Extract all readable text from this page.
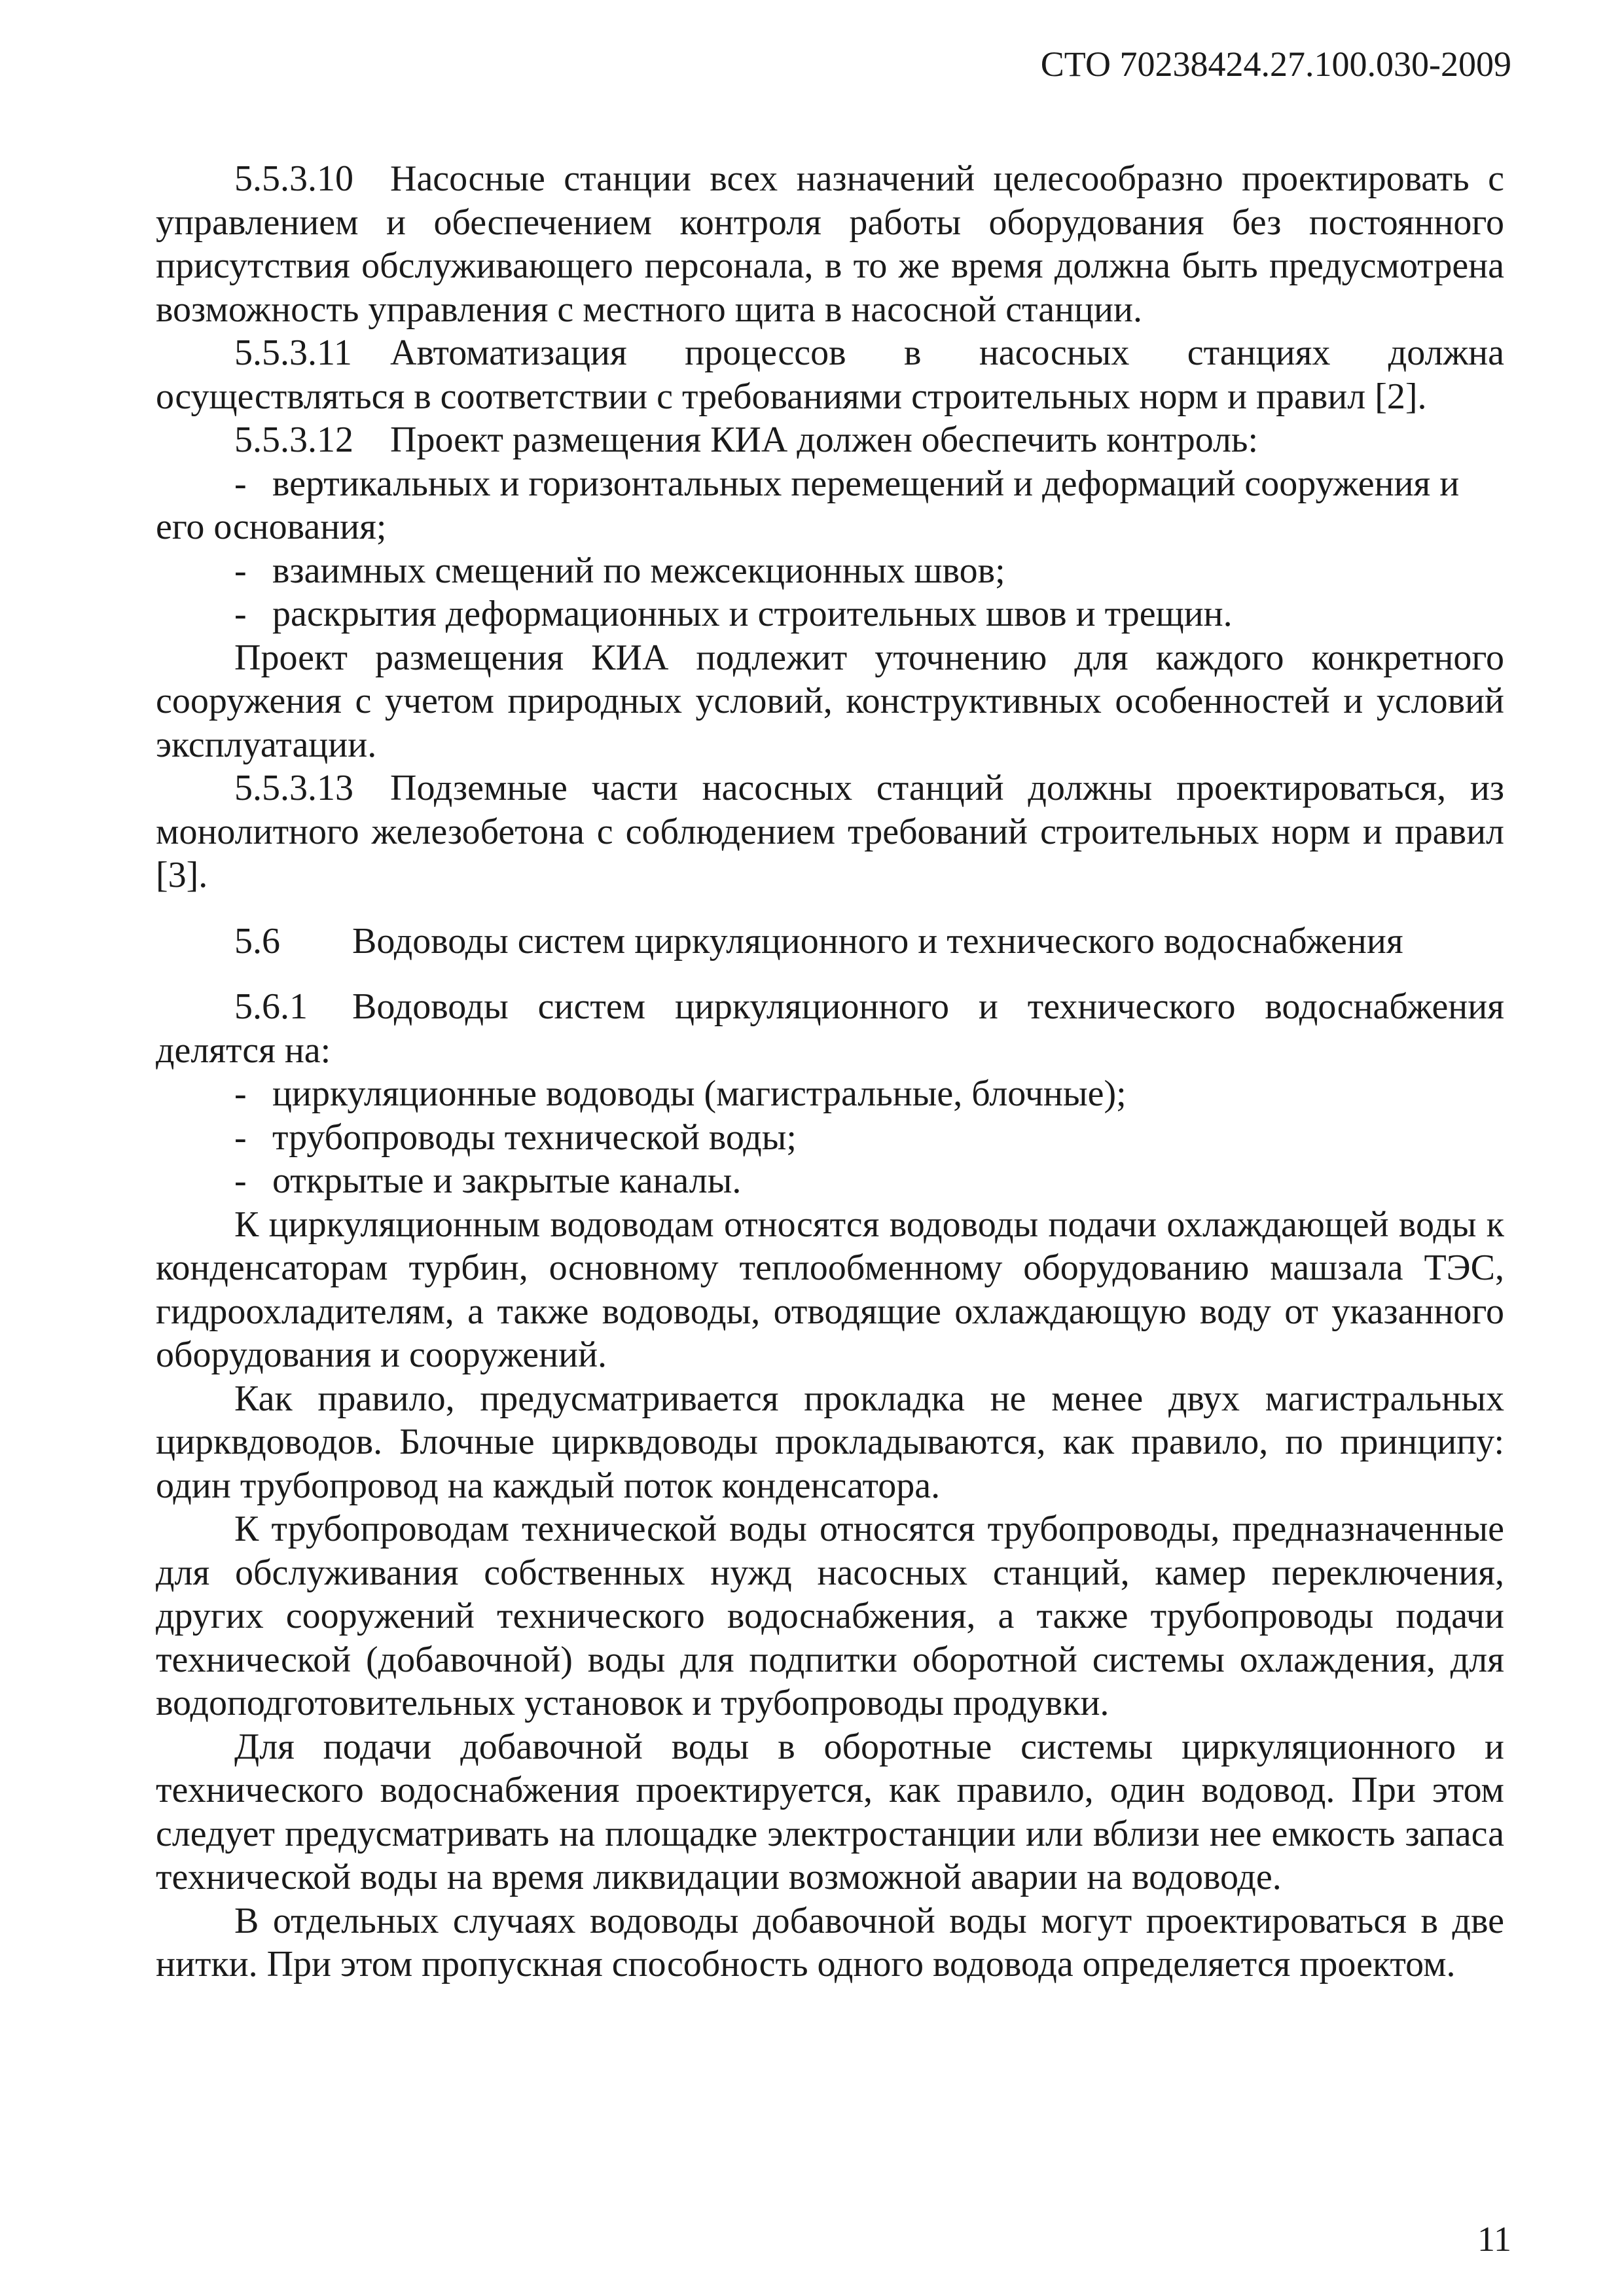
СТО 70238424.27.100.030-2009

5.5.3.10 Насосные станции всех назначений целесообразно проектировать с управлением и обеспечением контроля работы оборудования без постоянного присутствия обслуживающего персонала, в то же время должна быть предусмотрена возможность управления с местного щита в насосной станции.

5.5.3.11 Автоматизация процессов в насосных станциях должна осуществляться в соответствии с требованиями строительных норм и правил [2].

5.5.3.12 Проект размещения КИА должен обеспечить контроль:

- вертикальных и горизонтальных перемещений и деформаций сооружения и его основания;

- взаимных смещений по межсекционных швов;

- раскрытия деформационных и строительных швов и трещин.

Проект размещения КИА подлежит уточнению для каждого конкретного сооружения с учетом природных условий, конструктивных особенностей и условий эксплуатации.

5.5.3.13 Подземные части насосных станций должны проектироваться, из монолитного железобетона с соблюдением требований строительных норм и правил [3].

5.6 Водоводы систем циркуляционного и технического водоснабжения

5.6.1 Водоводы систем циркуляционного и технического водоснабжения делятся на:

- циркуляционные водоводы (магистральные, блочные);

- трубопроводы технической воды;

- открытые и закрытые каналы.

К циркуляционным водоводам относятся водоводы подачи охлаждающей воды к конденсаторам турбин, основному теплообменному оборудованию машзала ТЭС, гидроохладителям, а также водоводы, отводящие охлаждающую воду от указанного оборудования и сооружений.

Как правило, предусматривается прокладка не менее двух магистральных цирквдоводов. Блочные цирквдоводы прокладываются, как правило, по принципу: один трубопровод на каждый поток конденсатора.

К трубопроводам технической воды относятся трубопроводы, предназначенные для обслуживания собственных нужд насосных станций, камер переключения, других сооружений технического водоснабжения, а также трубопроводы подачи технической (добавочной) воды для подпитки оборотной системы охлаждения, для водоподготовительных установок и трубопроводы продувки.

Для подачи добавочной воды в оборотные системы циркуляционного и технического водоснабжения проектируется, как правило, один водовод. При этом следует предусматривать на площадке электростанции или вблизи нее емкость запаса технической воды на время ликвидации возможной аварии на водоводе.

В отдельных случаях водоводы добавочной воды могут проектироваться в две нитки. При этом пропускная способность одного водовода определяется проектом.

11
